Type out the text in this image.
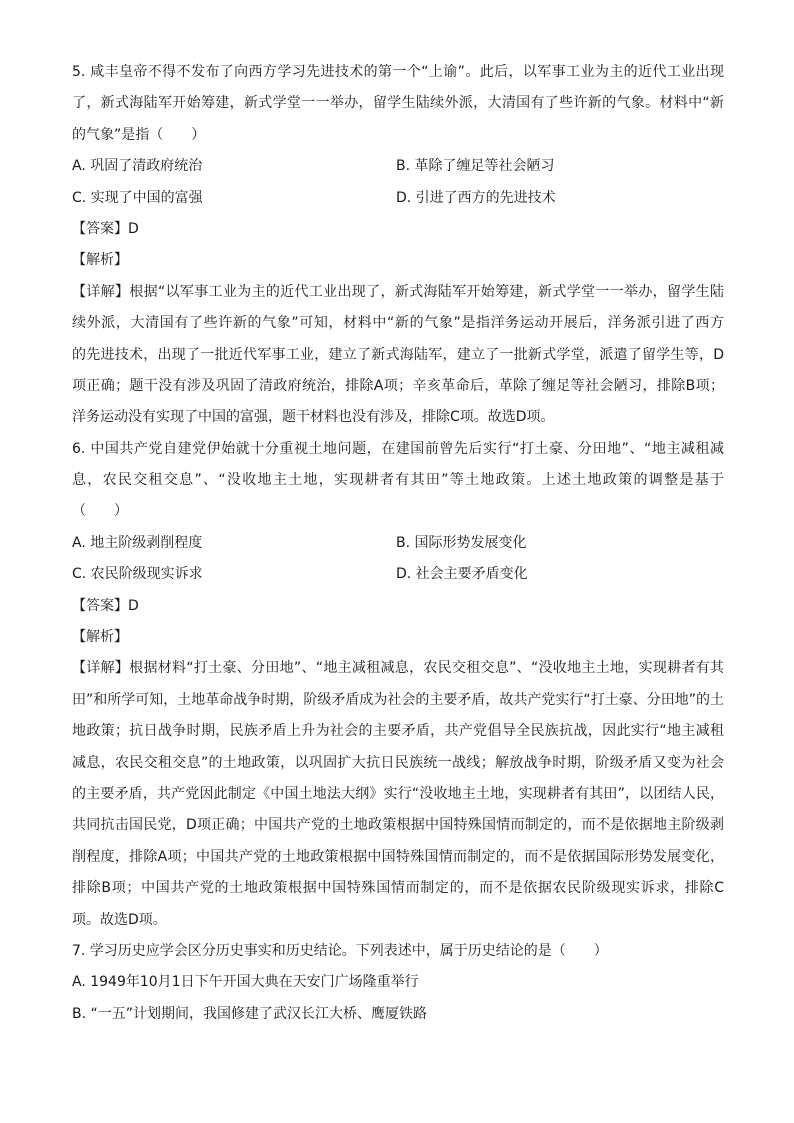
5. 咸丰皇帝不得不发布了向西方学习先进技术的第一个“上谕”。此后，以军事工业为主的近代工业出现
了，新式海陆军开始筹建，新式学堂一一举办，留学生陆续外派，大清国有了些许新的气象。材料中“新
的气象”是指（　　）
A. 巩固了清政府统治	B. 革除了缠足等社会陋习
C. 实现了中国的富强	D. 引进了西方的先进技术
【答案】D
【解析】
【详解】根据“以军事工业为主的近代工业出现了，新式海陆军开始筹建，新式学堂一一举办，留学生陆
续外派，大清国有了些许新的气象”可知，材料中“新的气象”是指洋务运动开展后，洋务派引进了西方
的先进技术，出现了一批近代军事工业，建立了新式海陆军，建立了一批新式学堂，派遣了留学生等，D
项正确；题干没有涉及巩固了清政府统治，排除A项；辛亥革命后，革除了缠足等社会陋习，排除B项；
洋务运动没有实现了中国的富强，题干材料也没有涉及，排除C项。故选D项。
6. 中国共产党自建党伊始就十分重视土地问题，在建国前曾先后实行“打土豪、分田地”、“地主减租减
息，农民交租交息”、“没收地主土地，实现耕者有其田”等土地政策。上述土地政策的调整是基于
（　　）
A. 地主阶级剥削程度	B. 国际形势发展变化
C. 农民阶级现实诉求	D. 社会主要矛盾变化
【答案】D
【解析】
【详解】根据材料“打土豪、分田地”、“地主减租减息，农民交租交息”、“没收地主土地，实现耕者有其
田”和所学可知，土地革命战争时期，阶级矛盾成为社会的主要矛盾，故共产党实行“打土豪、分田地”的土
地政策；抗日战争时期，民族矛盾上升为社会的主要矛盾，共产党倡导全民族抗战，因此实行“地主减租
减息，农民交租交息”的土地政策，以巩固扩大抗日民族统一战线；解放战争时期，阶级矛盾又变为社会
的主要矛盾，共产党因此制定《中国土地法大纲》实行“没收地主土地，实现耕者有其田”，以团结人民，
共同抗击国民党，D项正确；中国共产党的土地政策根据中国特殊国情而制定的，而不是依据地主阶级剥
削程度，排除A项；中国共产党的土地政策根据中国特殊国情而制定的，而不是依据国际形势发展变化，
排除B项；中国共产党的土地政策根据中国特殊国情而制定的，而不是依据农民阶级现实诉求，排除C
项。故选D项。
7. 学习历史应学会区分历史事实和历史结论。下列表述中，属于历史结论的是（　　）
A. 1949年10月1日下午开国大典在天安门广场隆重举行
B. “一五”计划期间，我国修建了武汉长江大桥、鹰厦铁路
